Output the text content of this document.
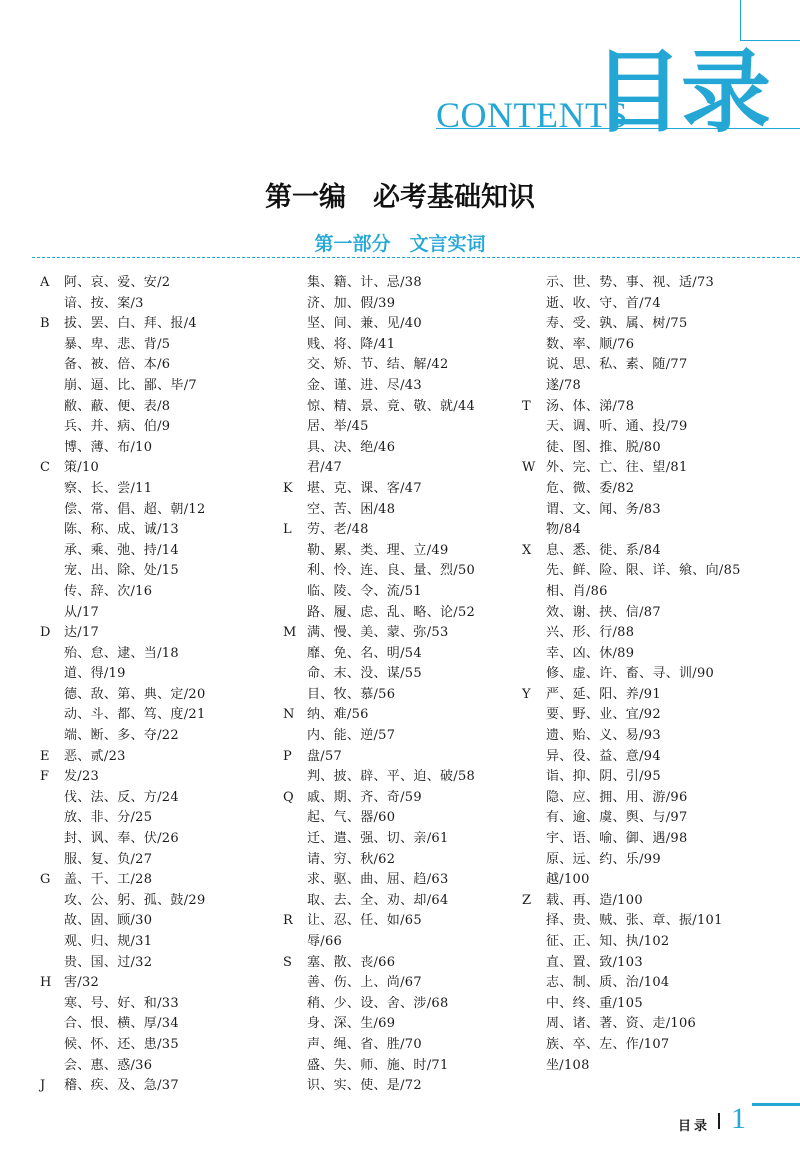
CONTENTS
目录
第一编　必考基础知识
第一部分　文言实词
A	阿、哀、爱、安/2
谙、按、案/3
B	拔、罢、白、拜、报/4
暴、卑、悲、背/5
备、被、倍、本/6
崩、逼、比、鄙、毕/7
敝、蔽、便、表/8
兵、并、病、伯/9
博、薄、布/10
C	策/10
察、长、尝/11
偿、常、倡、超、朝/12
陈、称、成、诚/13
承、乘、弛、持/14
宠、出、除、处/15
传、辞、次/16
从/17
D	达/17
殆、怠、逮、当/18
道、得/19
德、敌、第、典、定/20
动、斗、都、笃、度/21
端、断、多、夺/22
E	恶、贰/23
F	发/23
伐、法、反、方/24
放、非、分/25
封、讽、奉、伏/26
服、复、负/27
G	盖、干、工/28
攻、公、躬、孤、鼓/29
故、固、顾/30
观、归、规/31
贵、国、过/32
H 害/32
寒、号、好、和/33
合、恨、横、厚/34
候、怀、还、患/35
会、惠、惑/36
J	稽、疾、及、急/37
集、籍、计、忌/38
济、加、假/39
坚、间、兼、见/40
贱、将、降/41
交、矫、节、结、解/42
金、谨、进、尽/43
惊、精、景、竟、敬、就/44
居、举/45
具、决、绝/46
君/47
K	堪、克、课、客/47
空、苦、困/48
L	劳、老/48
勒、累、类、理、立/49
利、怜、连、良、量、烈/50
临、陵、令、流/51
路、履、虑、乱、略、论/52
M 满、慢、美、蒙、弥/53
靡、免、名、明/54
命、末、没、谋/55
目、牧、慕/56
N 纳、难/56
内、能、逆/57
P	盘/57
判、披、辟、平、迫、破/58
Q	戚、期、齐、奇/59
起、气、器/60
迁、遣、强、切、亲/61
请、穷、秋/62
求、驱、曲、屈、趋/63
取、去、全、劝、却/64
R	让、忍、任、如/65
辱/66
S	塞、散、丧/66
善、伤、上、尚/67
稍、少、设、舍、涉/68
身、深、生/69
声、绳、省、胜/70
盛、失、师、施、时/71
识、实、使、是/72
示、世、势、事、视、适/73
逝、收、守、首/74
寿、受、孰、属、树/75
数、率、顺/76
说、思、私、素、随/77
遂/78
T	汤、体、涕/78
天、调、听、通、投/79
徒、图、推、脱/80
W 外、完、亡、往、望/81
危、微、委/82
谓、文、闻、务/83
物/84
X	息、悉、徙、系/84
先、鲜、险、限、详、飨、向/85
相、肖/86
效、谢、挟、信/87
兴、形、行/88
幸、凶、休/89
修、虚、许、畜、寻、训/90
Y	严、延、阳、养/91
要、野、业、宜/92
遗、贻、义、易/93
异、役、益、意/94
诣、抑、阴、引/95
隐、应、拥、用、游/96
有、逾、虞、舆、与/97
宇、语、喻、御、遇/98
原、远、约、乐/99
越/100
Z	载、再、造/100
择、贵、贼、张、章、振/101
征、正、知、执/102
直、置、致/103
志、制、质、治/104
中、终、重/105
周、诸、著、资、走/106
族、卒、左、作/107
坐/108
目录 1
